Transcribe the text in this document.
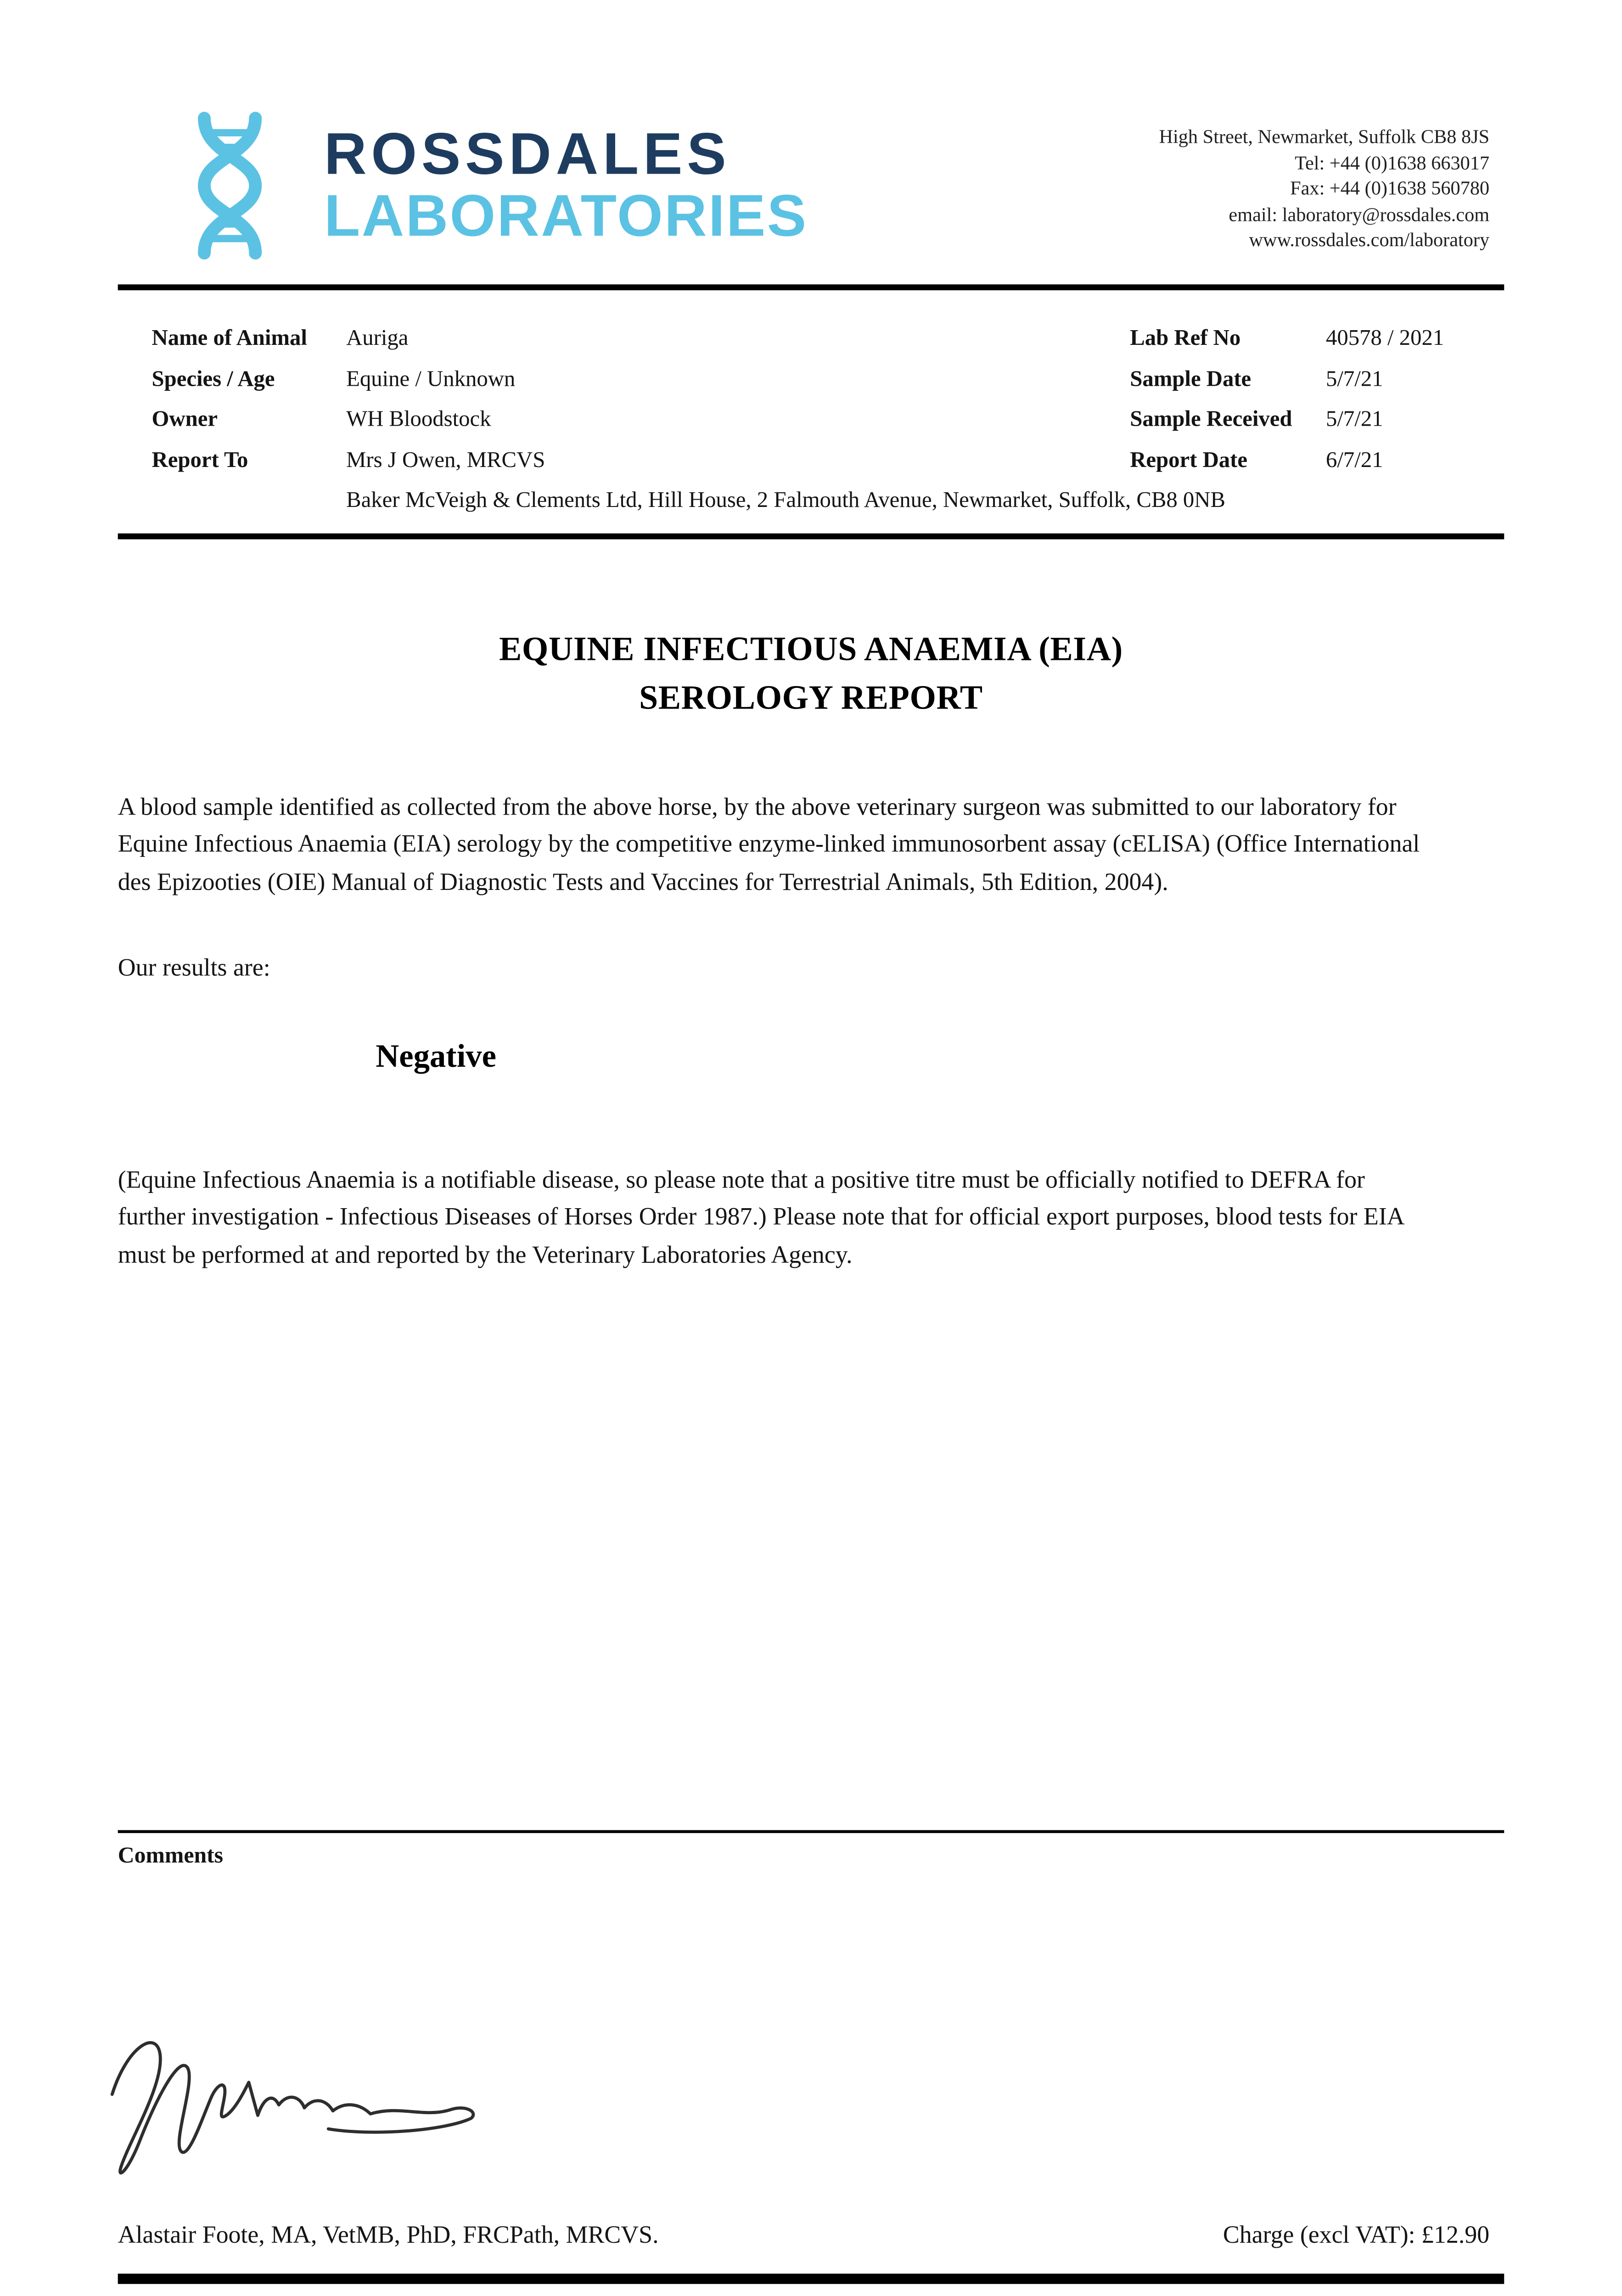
ROSSDALES
LABORATORIES
High Street, Newmarket, Suffolk CB8 8JS
Tel: +44 (0)1638 663017
Fax: +44 (0)1638 560780
email: laboratory@rossdales.com
www.rossdales.com/laboratory
Name of Animal	Auriga	Lab Ref No	40578 / 2021
Species / Age	Equine / Unknown	Sample Date	5/7/21
Owner	WH Bloodstock	Sample Received	5/7/21
Report To	Mrs J Owen, MRCVS	Report Date	6/7/21
Baker McVeigh & Clements Ltd, Hill House, 2 Falmouth Avenue, Newmarket, Suffolk, CB8 0NB
EQUINE INFECTIOUS ANAEMIA (EIA)
SEROLOGY REPORT

A blood sample identified as collected from the above horse, by the above veterinary surgeon was submitted to our laboratory for Equine Infectious Anaemia (EIA) serology by the competitive enzyme-linked immunosorbent assay (cELISA) (Office International des Epizooties (OIE) Manual of Diagnostic Tests and Vaccines for Terrestrial Animals, 5th Edition, 2004).

Our results are:

Negative

(Equine Infectious Anaemia is a notifiable disease, so please note that a positive titre must be officially notified to DEFRA for further investigation - Infectious Diseases of Horses Order 1987.) Please note that for official export purposes, blood tests for EIA must be performed at and reported by the Veterinary Laboratories Agency.

Comments
Alastair Foote, MA, VetMB, PhD, FRCPath, MRCVS.	Charge (excl VAT): £12.90
